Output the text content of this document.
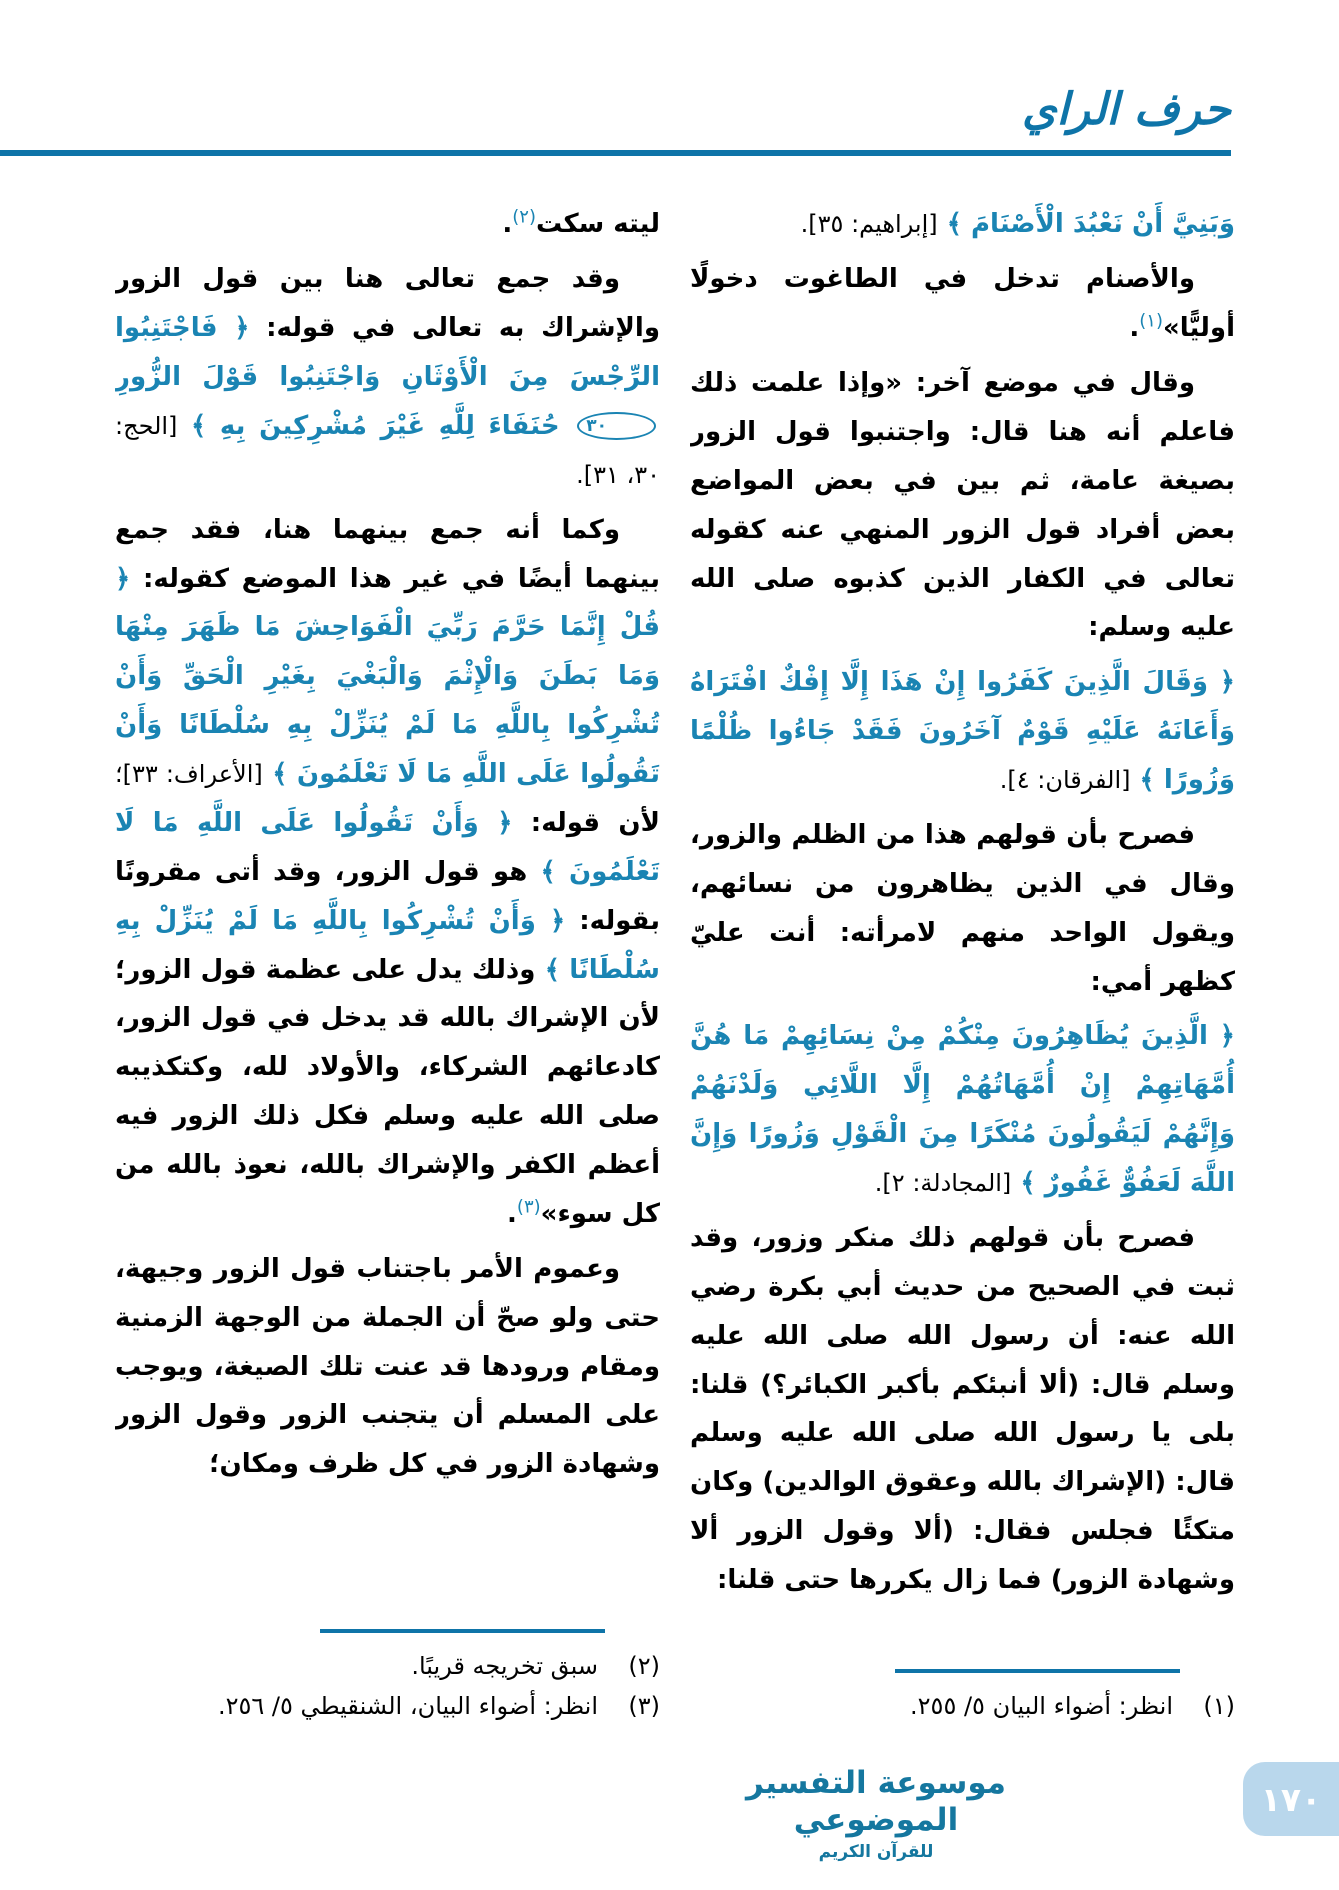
حرف الراي

وَبَنِيَّ أَنْ نَعْبُدَ الْأَصْنَامَ ﴾ [إبراهيم: ٣٥].

والأصنام تدخل في الطاغوت دخولًا أوليًّا»$^{(١)}$.

وقال في موضع آخر: «وإذا علمت ذلك فاعلم أنه هنا قال: واجتنبوا قول الزور بصيغة عامة، ثم بين في بعض المواضع بعض أفراد قول الزور المنهي عنه كقوله تعالى في الكفار الذين كذبوه صلى الله عليه وسلم:

﴿ وَقَالَ الَّذِينَ كَفَرُوا إِنْ هَذَا إِلَّا إِفْكٌ افْتَرَاهُ وَأَعَانَهُ عَلَيْهِ قَوْمٌ آخَرُونَ فَقَدْ جَاءُوا ظُلْمًا وَزُورًا ﴾ [الفرقان: ٤].

فصرح بأن قولهم هذا من الظلم والزور، وقال في الذين يظاهرون من نسائهم، ويقول الواحد منهم لامرأته: أنت عليّ كظهر أمي:

﴿ الَّذِينَ يُظَاهِرُونَ مِنْكُمْ مِنْ نِسَائِهِمْ مَا هُنَّ أُمَّهَاتِهِمْ إِنْ أُمَّهَاتُهُمْ إِلَّا اللَّائِي وَلَدْنَهُمْ وَإِنَّهُمْ لَيَقُولُونَ مُنْكَرًا مِنَ الْقَوْلِ وَزُورًا وَإِنَّ اللَّهَ لَعَفُوٌّ غَفُورٌ ﴾ [المجادلة: ٢].

فصرح بأن قولهم ذلك منكر وزور، وقد ثبت في الصحيح من حديث أبي بكرة رضي الله عنه: أن رسول الله صلى الله عليه وسلم قال: (ألا أنبئكم بأكبر الكبائر؟) قلنا: بلى يا رسول الله صلى الله عليه وسلم قال: (الإشراك بالله وعقوق الوالدين) وكان متكئًا فجلس فقال: (ألا وقول الزور ألا وشهادة الزور) فما زال يكررها حتى قلنا:

(١)
انظر: أضواء البيان ٥/ ٢٥٥.

ليته سكت$^{(٢)}$.

وقد جمع تعالى هنا بين قول الزور والإشراك به تعالى في قوله: ﴿ فَاجْتَنِبُوا الرِّجْسَ مِنَ الْأَوْثَانِ وَاجْتَنِبُوا قَوْلَ الزُّورِ ٣٠ حُنَفَاءَ لِلَّهِ غَيْرَ مُشْرِكِينَ بِهِ ﴾ [الحج: ٣٠، ٣١].

وكما أنه جمع بينهما هنا، فقد جمع بينهما أيضًا في غير هذا الموضع كقوله: ﴿ قُلْ إِنَّمَا حَرَّمَ رَبِّيَ الْفَوَاحِشَ مَا ظَهَرَ مِنْهَا وَمَا بَطَنَ وَالْإِثْمَ وَالْبَغْيَ بِغَيْرِ الْحَقِّ وَأَنْ تُشْرِكُوا بِاللَّهِ مَا لَمْ يُنَزِّلْ بِهِ سُلْطَانًا وَأَنْ تَقُولُوا عَلَى اللَّهِ مَا لَا تَعْلَمُونَ ﴾ [الأعراف: ٣٣]؛ لأن قوله: ﴿ وَأَنْ تَقُولُوا عَلَى اللَّهِ مَا لَا تَعْلَمُونَ ﴾ هو قول الزور، وقد أتى مقرونًا بقوله: ﴿ وَأَنْ تُشْرِكُوا بِاللَّهِ مَا لَمْ يُنَزِّلْ بِهِ سُلْطَانًا ﴾ وذلك يدل على عظمة قول الزور؛ لأن الإشراك بالله قد يدخل في قول الزور، كادعائهم الشركاء، والأولاد لله، وكتكذيبه صلى الله عليه وسلم فكل ذلك الزور فيه أعظم الكفر والإشراك بالله، نعوذ بالله من كل سوء»$^{(٣)}$.

وعموم الأمر باجتناب قول الزور وجيهة، حتى ولو صحّ أن الجملة من الوجهة الزمنية ومقام ورودها قد عنت تلك الصيغة، ويوجب على المسلم أن يتجنب الزور وقول الزور وشهادة الزور في كل ظرف ومكان؛

(٢)
سبق تخريجه قريبًا.
(٣)
انظر: أضواء البيان، الشنقيطي ٥/ ٢٥٦.
موسوعة التفسير الموضوعي
للقرآن الكريم
١٧٠
